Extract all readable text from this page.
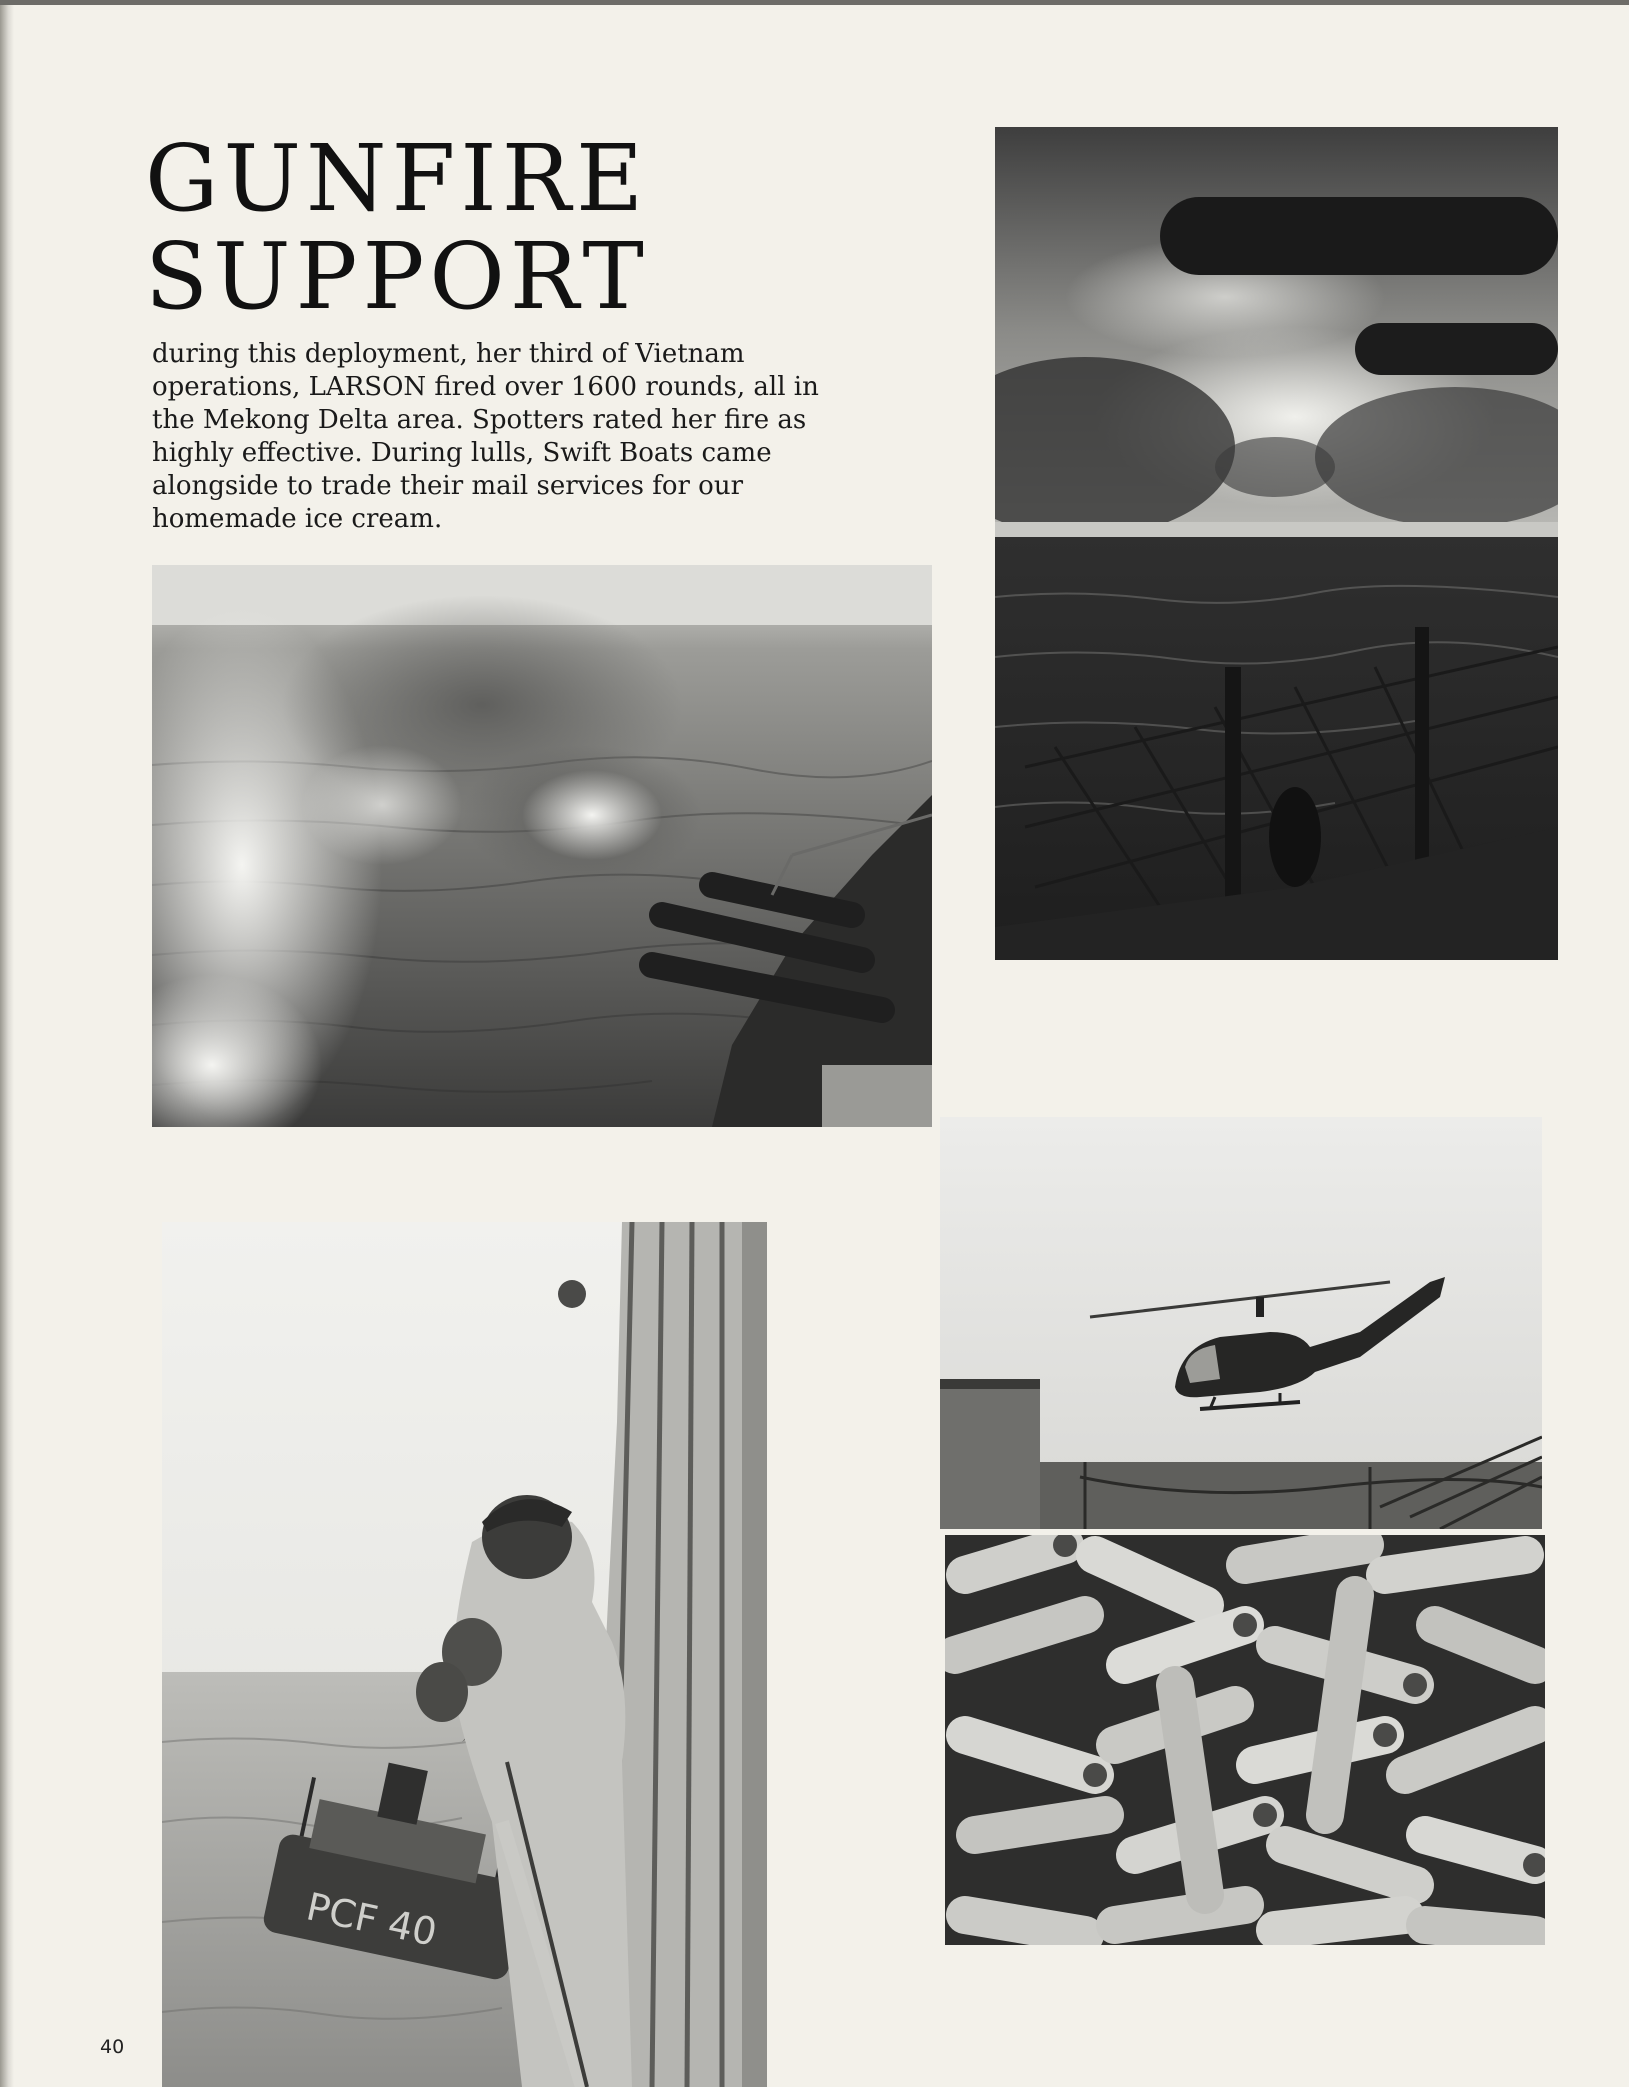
GUNFIRE
SUPPORT

during this deployment, her third of Vietnam operations, LARSON fired over 1600 rounds, all in the Mekong Delta area. Spotters rated her fire as highly effective. During lulls, Swift Boats came alongside to trade their mail services for our homemade ice cream.

PCF 40
40
